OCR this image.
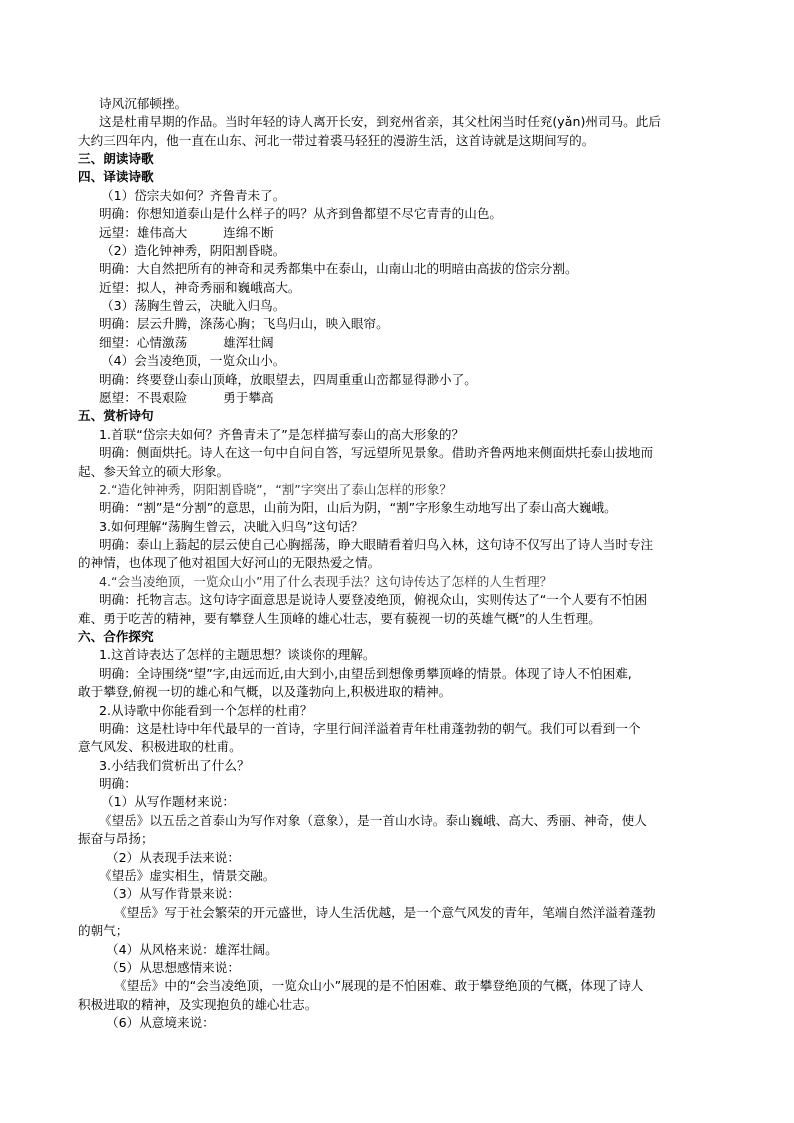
诗风沉郁顿挫。
这是杜甫早期的作品。当时年轻的诗人离开长安，到兖州省亲，其父杜闲当时任兖(yǎn)州司马。此后
大约三四年内，他一直在山东、河北一带过着裘马轻狂的漫游生活，这首诗就是这期间写的。
三、朗读诗歌
四、译读诗歌
（1）岱宗夫如何？齐鲁青未了。
明确：你想知道泰山是什么样子的吗？从齐到鲁都望不尽它青青的山色。
远望：雄伟高大	连绵不断
（2）造化钟神秀，阴阳割昏晓。
明确：大自然把所有的神奇和灵秀都集中在泰山，山南山北的明暗由高拔的岱宗分割。
近望：拟人，神奇秀丽和巍峨高大。
（3）荡胸生曾云，决眦入归鸟。
明确：层云升腾，涤荡心胸；飞鸟归山，映入眼帘。
细望：心情激荡	雄浑壮阔
（4）会当凌绝顶，一览众山小。
明确：终要登山泰山顶峰，放眼望去，四周重重山峦都显得渺小了。
愿望：不畏艰险	勇于攀高
五、赏析诗句
1.首联“岱宗夫如何？齐鲁青未了”是怎样描写泰山的高大形象的？
明确：侧面烘托。诗人在这一句中自问自答，写远望所见景象。借助齐鲁两地来侧面烘托泰山拔地而
起、参天耸立的硕大形象。
2.“造化钟神秀，阴阳割昏晓”，“割”字突出了泰山怎样的形象？
明确：“割”是“分割”的意思，山前为阳，山后为阴，“割”字形象生动地写出了泰山高大巍峨。
3.如何理解“荡胸生曾云，决眦入归鸟”这句话？
明确：泰山上蓊起的层云使自己心胸摇荡，睁大眼睛看着归鸟入林，这句诗不仅写出了诗人当时专注
的神情，也体现了他对祖国大好河山的无限热爱之情。
4.“会当凌绝顶，一览众山小”用了什么表现手法？这句诗传达了怎样的人生哲理？
明确：托物言志。这句诗字面意思是说诗人要登凌绝顶，俯视众山，实则传达了“一个人要有不怕困
难、勇于吃苦的精神，要有攀登人生顶峰的雄心壮志，要有藐视一切的英雄气概”的人生哲理。
六、合作探究
1.这首诗表达了怎样的主题思想？谈谈你的理解。
明确：全诗围绕“望”字,由远而近,由大到小,由望岳到想像勇攀顶峰的情景。体现了诗人不怕困难,
敢于攀登,俯视一切的雄心和气概，以及蓬勃向上,积极进取的精神。
2.从诗歌中你能看到一个怎样的杜甫？
明确：这是杜诗中年代最早的一首诗，字里行间洋溢着青年杜甫蓬勃勃的朝气。我们可以看到一个
意气风发、积极进取的杜甫。
3.小结我们赏析出了什么？
明确：
（1）从写作题材来说：
《望岳》以五岳之首泰山为写作对象（意象），是一首山水诗。泰山巍峨、高大、秀丽、神奇，使人
振奋与昂扬；
（2）从表现手法来说：
《望岳》虚实相生，情景交融。
（3）从写作背景来说：
《望岳》写于社会繁荣的开元盛世，诗人生活优越，是一个意气风发的青年，笔端自然洋溢着蓬勃
的朝气；
（4）从风格来说：雄浑壮阔。
（5）从思想感情来说：
《望岳》中的“会当凌绝顶，一览众山小”展现的是不怕困难、敢于攀登绝顶的气概，体现了诗人
积极进取的精神，及实现抱负的雄心壮志。
（6）从意境来说：
